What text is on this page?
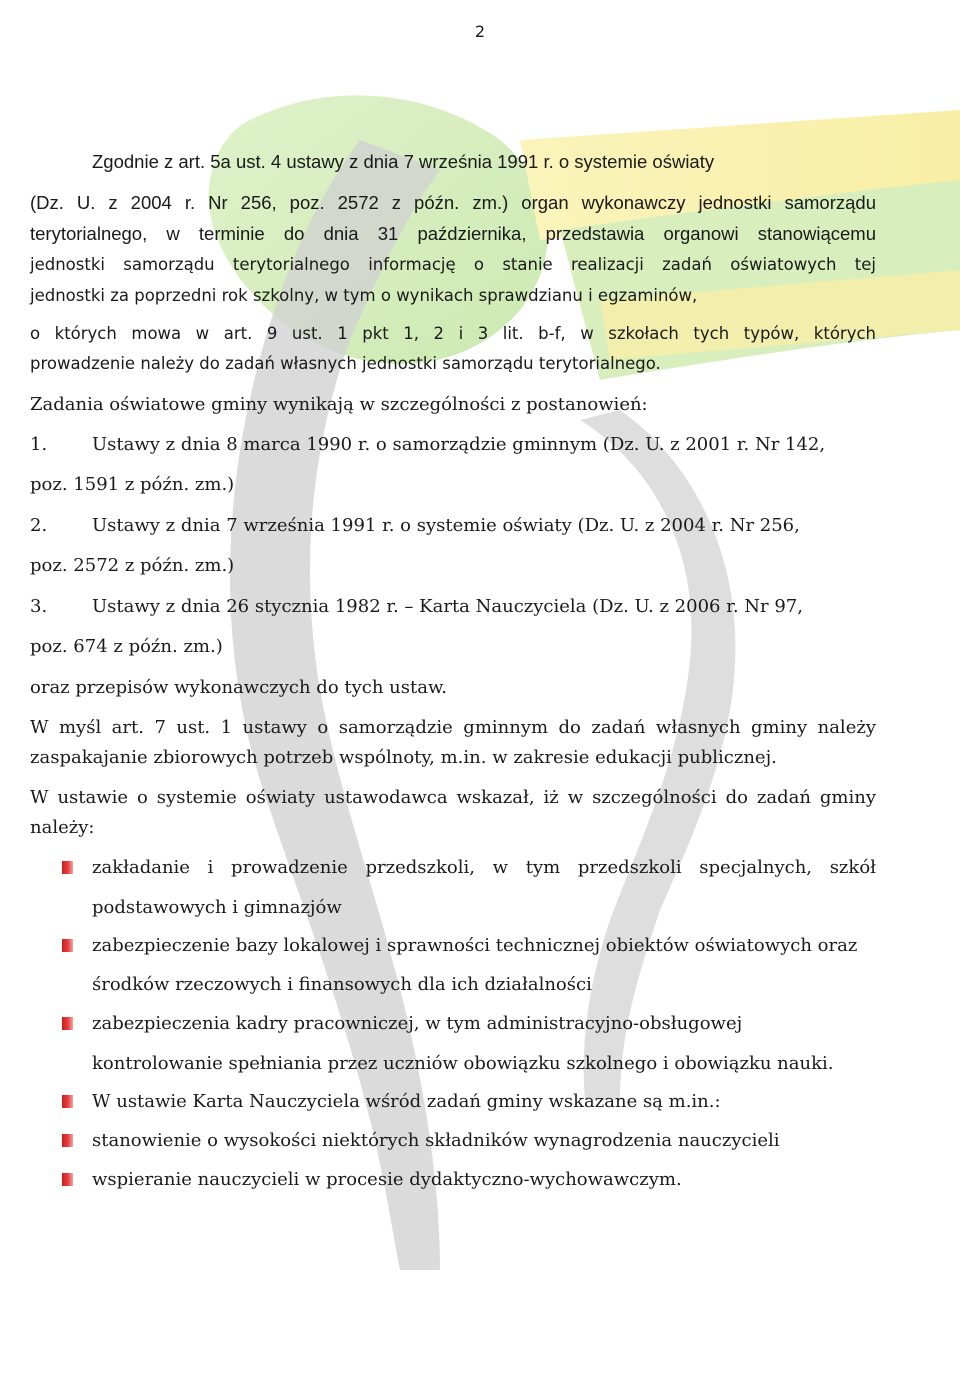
2
Zgodnie z art. 5a ust. 4 ustawy z dnia 7 września 1991 r. o systemie oświaty
(Dz. U. z 2004 r. Nr 256, poz. 2572 z późn. zm.) organ wykonawczy jednostki samorządu
terytorialnego, w terminie do dnia 31 października, przedstawia organowi stanowiącemu
jednostki samorządu terytorialnego informację o stanie realizacji zadań oświatowych tej
jednostki za poprzedni rok szkolny, w tym o wynikach sprawdzianu i egzaminów,
o których mowa w art. 9 ust. 1 pkt 1, 2 i 3 lit. b-f, w szkołach tych typów, których
prowadzenie należy do zadań własnych jednostki samorządu terytorialnego.
Zadania oświatowe gminy wynikają w szczególności z postanowień:
1. Ustawy z dnia 8 marca 1990 r. o samorządzie gminnym (Dz. U. z 2001 r. Nr 142,
poz. 1591 z późn. zm.)
2. Ustawy z dnia 7 września 1991 r. o systemie oświaty (Dz. U. z 2004 r. Nr 256,
poz. 2572 z późn. zm.)
3. Ustawy z dnia 26 stycznia 1982 r. – Karta Nauczyciela (Dz. U. z 2006 r. Nr 97,
poz. 674 z późn. zm.)
oraz przepisów wykonawczych do tych ustaw.
W myśl art. 7 ust. 1 ustawy o samorządzie gminnym do zadań własnych gminy należy
zaspakajanie zbiorowych potrzeb wspólnoty, m.in. w zakresie edukacji publicznej.
W ustawie o systemie oświaty ustawodawca wskazał, iż w szczególności do zadań gminy
należy:
zakładanie i prowadzenie przedszkoli, w tym przedszkoli specjalnych, szkół
podstawowych i gimnazjów
zabezpieczenie bazy lokalowej i sprawności technicznej obiektów oświatowych oraz
środków rzeczowych i finansowych dla ich działalności
zabezpieczenia kadry pracowniczej, w tym administracyjno-obsługowej
kontrolowanie spełniania przez uczniów obowiązku szkolnego i obowiązku nauki.
W ustawie Karta Nauczyciela wśród zadań gminy wskazane są m.in.:
stanowienie o wysokości niektórych składników wynagrodzenia nauczycieli
wspieranie nauczycieli w procesie dydaktyczno-wychowawczym.
